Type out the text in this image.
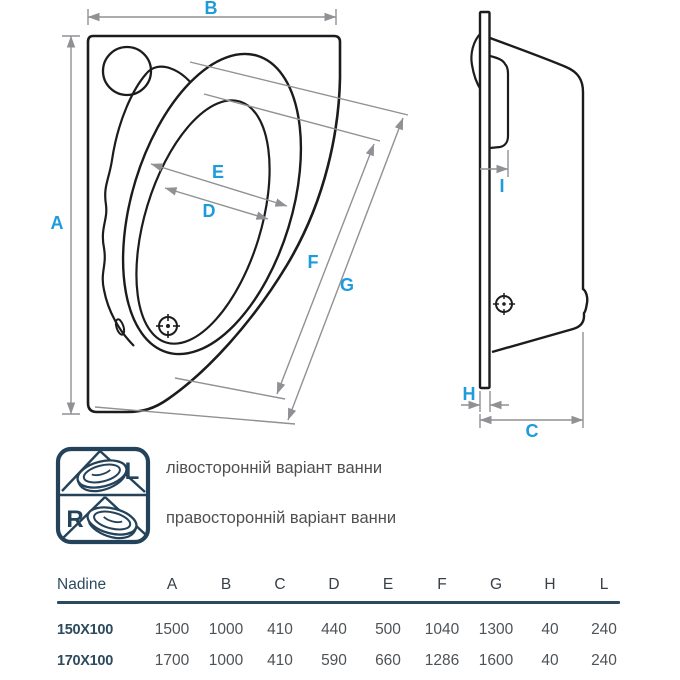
B
A
E
D
F
G
I
H
C
L
R
лівосторонній варіант ванни
правосторонній варіант ванни
Nadine	A	B	C	D	E	F	G	H	L
150X100	1500	1000	410	440	500	1040	1300	40	240
170X100	1700	1000	410	590	660	1286	1600	40	240
